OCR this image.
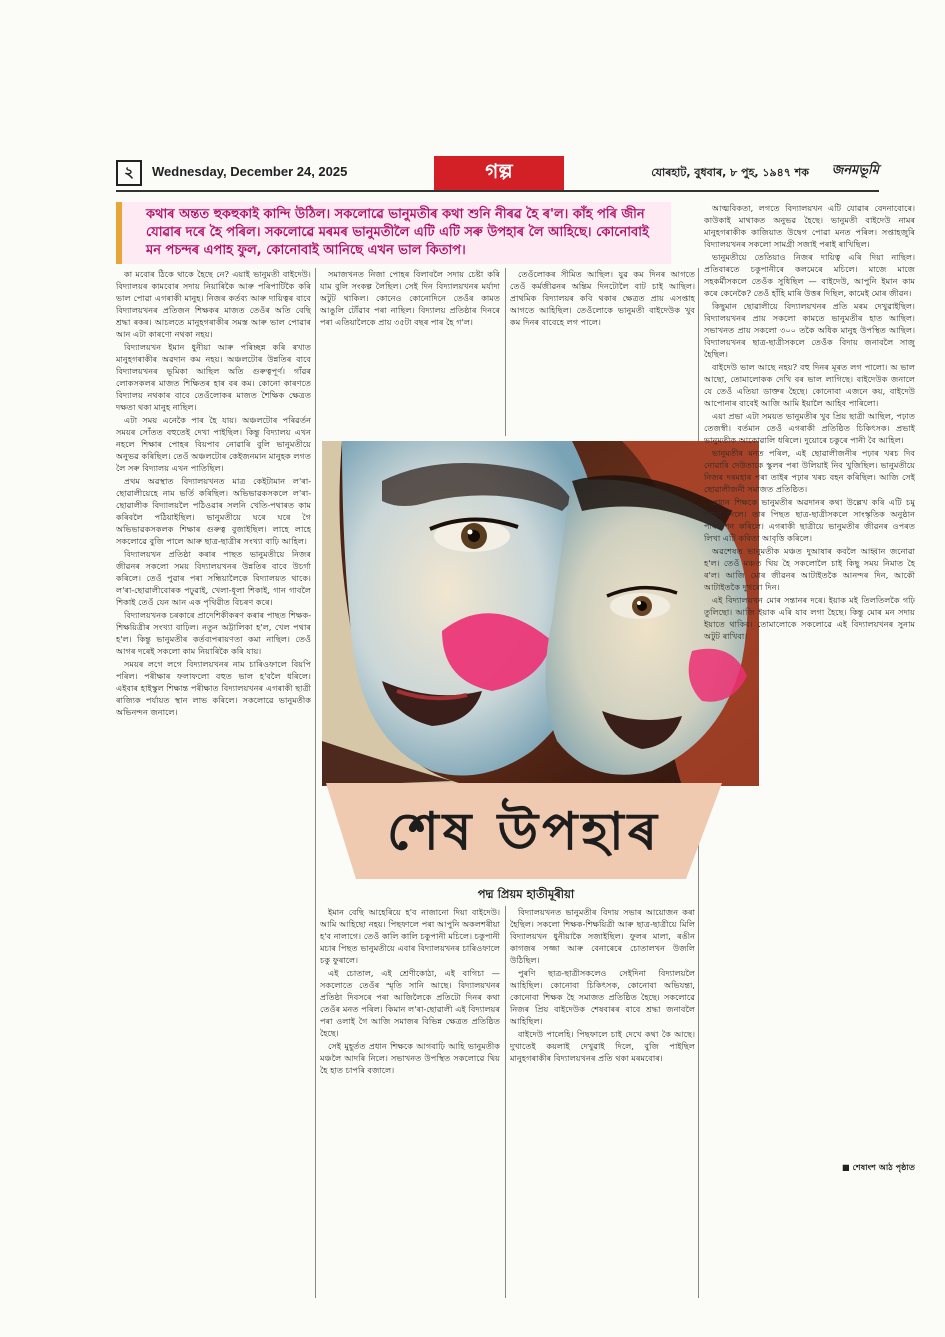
২	Wednesday, December 24, 2025	গল্প	যোৰহাট, বুধবাৰ, ৮ পুহ, ১৯৪৭ শক জনমভূমি
কথাৰ অন্তত হুকহুকাই কান্দি উঠিল। সকলোৱে ভানুমতীৰ কথা শুনি নীৰৱ হৈ ৰ'ল। কাঁহ পৰি জীন যোৱাৰ দৰে হৈ পৰিল। সকলোৱে মৰমৰ ভানুমতীলৈ এটি এটি সৰু উপহাৰ লৈ আহিছে। কোনোবাই মন পচন্দৰ এপাহ ফুল, কোনোবাই আনিছে এখন ভাল কিতাপ।

কা মবোৰ ঠিকে থাকে হৈছে নে? এয়াই ভানুমতী বাইদেউ। বিদ্যালয়ৰ কামবোৰ সদায় নিয়াৰিকৈ আৰু পৰিপাটিকৈ কৰি ভাল পোৱা এগৰাকী মানুহ। নিজৰ কৰ্তব্য আৰু দায়িত্বৰ বাবে বিদ্যালয়খনৰ প্ৰতিজন শিক্ষকৰ মাজত তেওঁৰ অতি বেছি শ্ৰদ্ধা ৰকৰ। আচলতে মানুহগৰাকীৰ সমস্ত আৰু ভাল পোৱাৰ আন এটা কাৰণো নথকা নহয়।

বিদ্যালয়খন ইমান ধুনীয়া আৰু পৰিচ্ছন্ন কৰি ৰখাত মানুহগৰাকীৰ অৱদান কম নহয়। অঞ্চলটোৰ উন্নতিৰ বাবে বিদ্যালয়খনৰ ভূমিকা আছিল অতি গুৰুত্বপূৰ্ণ। গাঁৱৰ লোকসকলৰ মাজত শিক্ষিতৰ হাৰ বৰ কম। কোনো কাৰণতে বিদ্যালয় নথকাৰ বাবে তেওঁলোকৰ মাজত শৈক্ষিক ক্ষেত্ৰত দক্ষতা থকা মানুহ নাছিল।

এটা সময় এনেকৈ পাৰ হৈ যায়। অঞ্চলটোৰ পৰিৱৰ্তন সময়ৰ সোঁতত বহুতেই দেখা পাইছিল। কিন্তু বিদ্যালয় এখন নহলে শিক্ষাৰ পোহৰ বিয়পাব নোৱাৰি বুলি ভানুমতীয়ে অনুভৱ কৰিছিল। তেওঁ অঞ্চলটোৰ কেইজনমান মানুহক লগত লৈ সৰু বিদ্যালয় এখন পাতিছিল।

প্ৰথম অৱস্থাত বিদ্যালয়খনত মাত্ৰ কেইটামান ল'ৰা-ছোৱালীয়েহে নাম ভৰ্তি কৰিছিল। অভিভাৱকসকলে ল'ৰা-ছোৱালীক বিদ্যালয়লৈ পঠিওৱাৰ সলনি খেতি-পথাৰত কাম কৰিবলৈ পঠিয়াইছিল। ভানুমতীয়ে ঘৰে ঘৰে গৈ অভিভাৱকসকলক শিক্ষাৰ গুৰুত্ব বুজাইছিল। লাহে লাহে সকলোৱে বুজি পালে আৰু ছাত্ৰ-ছাত্ৰীৰ সংখ্যা বাঢ়ি আহিল।

বিদ্যালয়খন প্ৰতিষ্ঠা কৰাৰ পাছত ভানুমতীয়ে নিজৰ জীৱনৰ সকলো সময় বিদ্যালয়খনৰ উন্নতিৰ বাবে উচৰ্গা কৰিলে। তেওঁ পুৱাৰ পৰা সন্ধিয়ালৈকে বিদ্যালয়ত থাকে। ল'ৰা-ছোৱালীবোৰক পঢ়ুৱাই, খেলা-ধূলা শিকাই, গান গাবলৈ শিকাই তেওঁ যেন আন এক পৃথিৱীত বিচৰণ কৰে।

বিদ্যালয়খনক চৰকাৰে প্ৰাদেশিকীকৰণ কৰাৰ পাছত শিক্ষক-শিক্ষয়িত্ৰীৰ সংখ্যা বাঢ়িল। নতুন অট্টালিকা হ'ল, খেল পথাৰ হ'ল। কিন্তু ভানুমতীৰ কৰ্তব্যপৰায়ণতা কমা নাছিল। তেওঁ আগৰ দৰেই সকলো কাম নিয়াৰিকৈ কৰি যায়।

সময়ৰ লগে লগে বিদ্যালয়খনৰ নাম চাৰিওফালে বিয়পি পৰিল। পৰীক্ষাৰ ফলাফলো বহুত ভাল হ'বলৈ ধৰিলে। এইবাৰ হাইস্কুল শিক্ষান্ত পৰীক্ষাত বিদ্যালয়খনৰ এগৰাকী ছাত্ৰী ৰাজ্যিক পৰ্যায়ত স্থান লাভ কৰিলে। সকলোৱে ভানুমতীক অভিনন্দন জনালে।

সমাজখনত নিজা পোহৰ বিলাবলৈ সদায় চেষ্টা কৰি যাম বুলি সংকল্প লৈছিল। সেই দিন বিদ্যালয়খনৰ মৰ্যাদা অটুট থাকিল। কোনেও কোনোদিনে তেওঁৰ কামত আঙুলি টোঁৱাব পৰা নাছিল। বিদ্যালয় প্ৰতিষ্ঠাৰ দিনৰে পৰা এতিয়ালৈকে প্ৰায় ৩৫টা বছৰ পাৰ হৈ গ'ল।

তেওঁলোকৰ সীমিত আছিল। যুৱ কম দিনৰ আগতে তেওঁ কৰ্মজীৱনৰ অন্তিম দিনটোলৈ বাট চাই আছিল। প্ৰাথমিক বিদ্যালয়ৰ কবি থকাৰ ক্ষেত্ৰত প্ৰায় এসপ্তাহ আগতে আহিছিল। তেওঁলোকে ভানুমতী বাইদেউক খুব কম দিনৰ বাবেহে লগ পালে।

শেষ উপহাৰ
পদ্ম প্ৰিয়ম হাতীমূৰীয়া

ইমান বেছি আহেৰিয়ে হ'ব নাজানো দিয়া বাইদেউ। আমি আহিছো নহয়। পিছফালে পৰা আপুনি অকলশৰীয়া হ'ব নালাগে। তেওঁ কালি কালি চকুপানী মচিলে। চকুপানী মচাৰ পিছত ভানুমতীয়ে এবাৰ বিদ্যালয়খনৰ চাৰিওফালে চকু ফুৰালে।

এই চোতাল, এই শ্ৰেণীকোঠা, এই বাগিচা — সকলোতে তেওঁৰ স্মৃতি সানি আছে। বিদ্যালয়খনৰ প্ৰতিষ্ঠা দিবসৰে পৰা আজিলৈকে প্ৰতিটো দিনৰ কথা তেওঁৰ মনত পৰিল। কিমান ল'ৰা-ছোৱালী এই বিদ্যালয়ৰ পৰা ওলাই গৈ আজি সমাজৰ বিভিন্ন ক্ষেত্ৰত প্ৰতিষ্ঠিত হৈছে।

সেই মুহূৰ্তত প্ৰধান শিক্ষকে আগবাঢ়ি আহি ভানুমতীক মঞ্চলৈ আদৰি নিলে। সভাখনত উপস্থিত সকলোৱে থিয় হৈ হাত চাপৰি বজালে।

বিদ্যালয়খনত ভানুমতীৰ বিদায় সভাৰ আয়োজন কৰা হৈছিল। সকলো শিক্ষক-শিক্ষয়িত্ৰী আৰু ছাত্ৰ-ছাত্ৰীয়ে মিলি বিদ্যালয়খন ধুনীয়াকৈ সজাইছিল। ফুলৰ মালা, ৰঙীন কাগজৰ সজ্জা আৰু বেনাৰেৰে চোতালখন উজলি উঠিছিল।

পুৰণি ছাত্ৰ-ছাত্ৰীসকলেও সেইদিনা বিদ্যালয়লৈ আহিছিল। কোনোবা চিকিৎসক, কোনোবা অভিযন্তা, কোনোবা শিক্ষক হৈ সমাজত প্ৰতিষ্ঠিত হৈছে। সকলোৱে নিজৰ প্ৰিয় বাইদেউক শেষবাৰৰ বাবে শ্ৰদ্ধা জনাবলৈ আহিছিল।

বাইদেউ পালেহি। পিছফালে চাই দেখে কথা কৈ আছে। দুখাতেই কয়লাই দেখুৱাই দিলে, বুজি পাইছিল মানুহগৰাকীৰ বিদ্যালয়খনৰ প্ৰতি থকা মৰমবোৰ।

আত্মবিকতা, লগতে বিদ্যালয়খন এটি যোৱাৰ বেদনাবোৰে। কাউকাই মাথাকত অনুভৱ হৈছে। ভানুমতী বাইদেউ নামৰ মানুহগৰাকীক কাজিয়াত উদ্বেগ পোৱা মনত পৰিল। সপ্তাহজুৰি বিদ্যালয়খনৰ সকলো সামগ্ৰী সজাই পৰাই ৰাখিছিল।

ভানুমতীয়ে তেতিয়াও নিজৰ দায়িত্ব এৰি দিয়া নাছিল। প্ৰতিবাৰতে চকুপানীৰে কলমেৰে মচিলে। মাজে মাজে সহকৰ্মীসকলে তেওঁক সুধিছিল — বাইদেউ, আপুনি ইমান কাম কৰে কেনেকৈ? তেওঁ হাঁহি মাৰি উত্তৰ দিছিল, কামেই মোৰ জীৱন।

কিছুমান ছোৱালীয়ে বিদ্যালয়খনৰ প্ৰতি মৰম দেখুৱাইছিল। বিদ্যালয়খনৰ প্ৰায় সকলো কামতে ভানুমতীৰ হাত আছিল। সভাখনত প্ৰায় সকলো ৩০০ তকৈ অধিক মানুহ উপস্থিত আছিল। বিদ্যালয়খনৰ ছাত্ৰ-ছাত্ৰীসকলে তেওঁক বিদায় জনাবলৈ সাজু হৈছিল।

বাইদেউ ভাল আছে নহয়? বহু দিনৰ মূৰত লগ পালো। অ ভাল আছো, তোমালোকক দেখি বৰ ভাল লাগিছে। বাইদেউক জনালে যে তেওঁ এতিয়া ডাক্তৰ হৈছে। কোনোবা এজনে কয়, বাইদেউ আপোনাৰ বাবেই আজি আমি ইয়ালৈ আহিব পাৰিলো।

এয়া প্ৰভা এটা সময়ত ভানুমতীৰ খুব প্ৰিয় ছাত্ৰী আছিল, পঢ়াত তেজস্বী। বৰ্তমান তেওঁ এগৰাকী প্ৰতিষ্ঠিত চিকিৎসক। প্ৰভাই ভানুমতীক আকোৱালি ধৰিলে। দুয়োৰে চকুৰে পানী বৈ আহিল।

ভানুমতীৰ মনত পৰিল, এই ছোৱালীজনীৰ পঢ়াৰ খৰচ দিব নোৱাৰি দেউতাকে স্কুলৰ পৰা উলিয়াই নিব খুজিছিল। ভানুমতীয়ে নিজৰ দৰমহাৰ পৰা তাইৰ পঢ়াৰ খৰচ বহন কৰিছিল। আজি সেই ছোৱালীজনী সমাজত প্ৰতিষ্ঠিত।

প্ৰধান শিক্ষকে ভানুমতীৰ অৱদানৰ কথা উল্লেখ কৰি এটি চমু ভাষণ দিলে। তাৰ পিছত ছাত্ৰ-ছাত্ৰীসকলে সাংস্কৃতিক অনুষ্ঠান পৰিৱেশন কৰিলে। এগৰাকী ছাত্ৰীয়ে ভানুমতীৰ জীৱনৰ ওপৰত লিখা এটি কবিতা আবৃত্তি কৰিলে।

অৱশেষত ভানুমতীক মঞ্চত দুআষাৰ কবলৈ আহ্বান জনোৱা হ'ল। তেওঁ মঞ্চত থিয় হৈ সকলোলৈ চাই কিছু সময় নিমাত হৈ ৰ'ল। আজি মোৰ জীৱনৰ আটাইতকৈ আনন্দৰ দিন, আকৌ আটাইতকৈ দুখৰো দিন।

এই বিদ্যালয়খন মোৰ সন্তানৰ দৰে। ইয়াক মই তিলতিলকৈ গঢ়ি তুলিছো। আজি ইয়াক এৰি যাব লগা হৈছে। কিন্তু মোৰ মন সদায় ইয়াতে থাকিব। তোমালোকে সকলোৱে এই বিদ্যালয়খনৰ সুনাম অটুট ৰাখিবা।

■ শেষাংশ আঠ পৃষ্ঠাত
